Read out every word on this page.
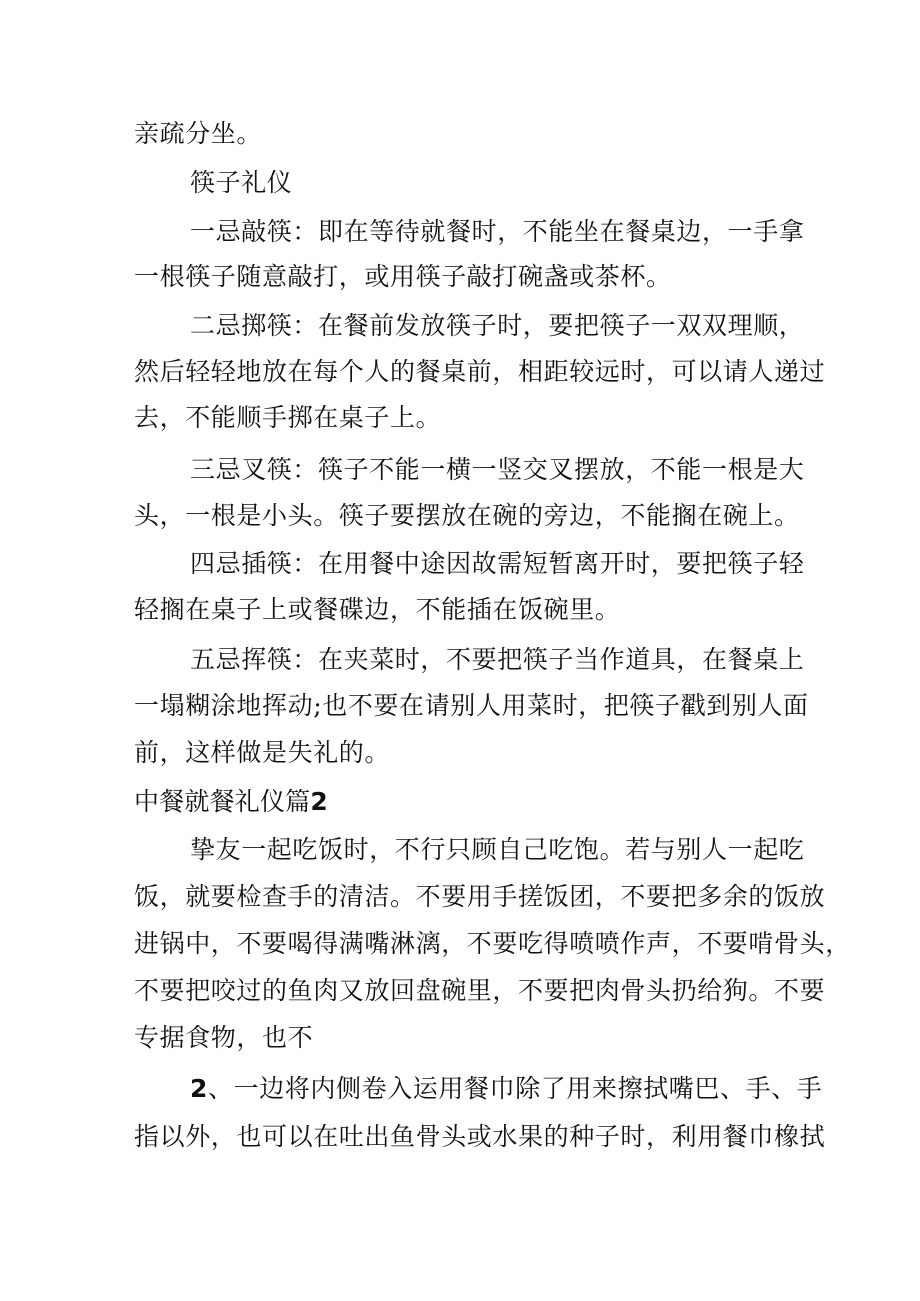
亲疏分坐。

筷子礼仪

一忌敲筷：即在等待就餐时，不能坐在餐桌边，一手拿

一根筷子随意敲打，或用筷子敲打碗盏或茶杯。

二忌掷筷：在餐前发放筷子时，要把筷子一双双理顺，

然后轻轻地放在每个人的餐桌前，相距较远时，可以请人递过

去，不能顺手掷在桌子上。

三忌叉筷：筷子不能一横一竖交叉摆放，不能一根是大

头，一根是小头。筷子要摆放在碗的旁边，不能搁在碗上。

四忌插筷：在用餐中途因故需短暂离开时，要把筷子轻

轻搁在桌子上或餐碟边，不能插在饭碗里。

五忌挥筷：在夹菜时，不要把筷子当作道具，在餐桌上

一塌糊涂地挥动;也不要在请别人用菜时，把筷子戳到别人面

前，这样做是失礼的。

中餐就餐礼仪篇2

挚友一起吃饭时，不行只顾自己吃饱。若与别人一起吃

饭，就要检查手的清洁。不要用手搓饭团，不要把多余的饭放

进锅中，不要喝得满嘴淋漓，不要吃得喷喷作声，不要啃骨头，

不要把咬过的鱼肉又放回盘碗里，不要把肉骨头扔给狗。不要

专据食物，也不

2、一边将内侧卷入运用餐巾除了用来擦拭嘴巴、手、手

指以外，也可以在吐出鱼骨头或水果的种子时，利用餐巾橡拭
